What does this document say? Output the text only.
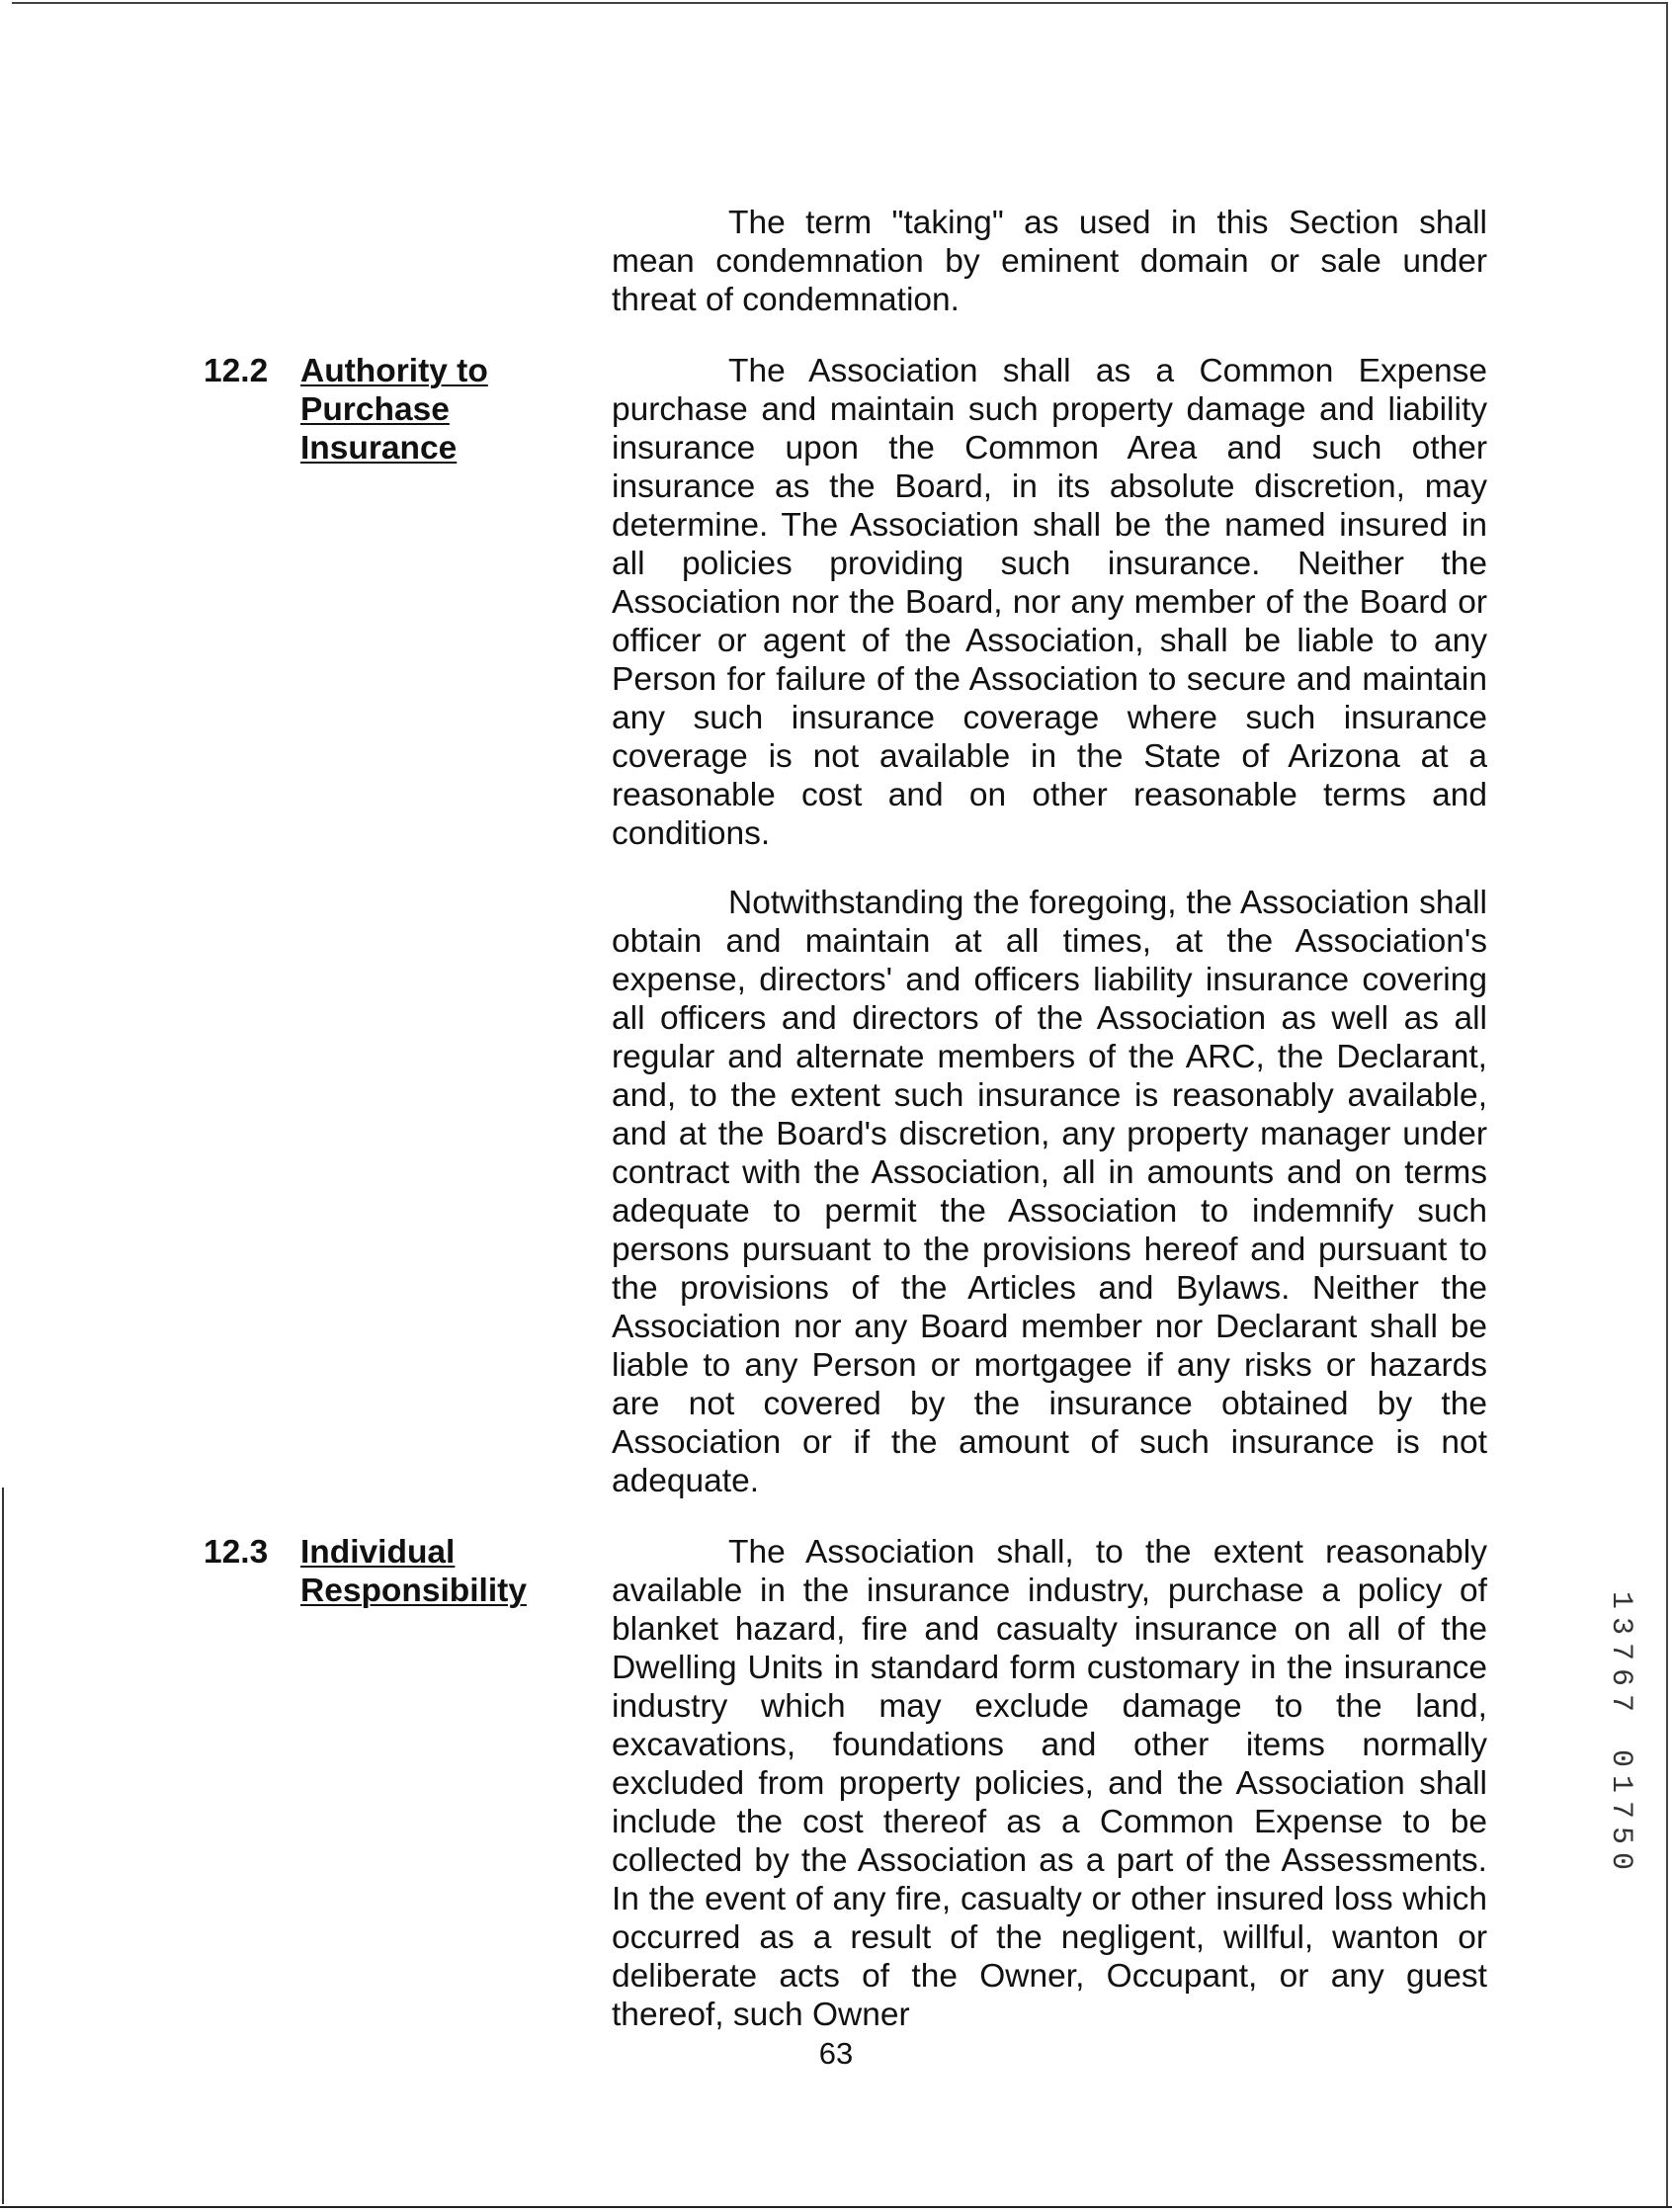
The term "taking" as used in this Section shall mean condemnation by eminent domain or sale under threat of condemnation.

12.2 Authority to
Purchase
Insurance

The Association shall as a Common Expense purchase and maintain such property damage and liability insurance upon the Common Area and such other insurance as the Board, in its absolute discretion, may determine. The Association shall be the named insured in all policies providing such insurance. Neither the Association nor the Board, nor any member of the Board or officer or agent of the Association, shall be liable to any Person for failure of the Association to secure and maintain any such insurance coverage where such insurance coverage is not available in the State of Arizona at a reasonable cost and on other reasonable terms and conditions.

Notwithstanding the foregoing, the Association shall obtain and maintain at all times, at the Association's expense, directors' and officers liability insurance covering all officers and directors of the Association as well as all regular and alternate members of the ARC, the Declarant, and, to the extent such insurance is reasonably available, and at the Board's discretion, any property manager under contract with the Association, all in amounts and on terms adequate to permit the Association to indemnify such persons pursuant to the provisions hereof and pursuant to the provisions of the Articles and Bylaws. Neither the Association nor any Board member nor Declarant shall be liable to any Person or mortgagee if any risks or hazards are not covered by the insurance obtained by the Association or if the amount of such insurance is not adequate.

12.3 Individual
Responsibility

The Association shall, to the extent reasonably available in the insurance industry, purchase a policy of blanket hazard, fire and casualty insurance on all of the Dwelling Units in standard form customary in the insurance industry which may exclude damage to the land, excavations, foundations and other items normally excluded from property policies, and the Association shall include the cost thereof as a Common Expense to be collected by the Association as a part of the Assessments. In the event of any fire, casualty or other insured loss which occurred as a result of the negligent, willful, wanton or deliberate acts of the Owner, Occupant, or any guest thereof, such Owner

1
3
7
6
7
0
1
7
5
0
63
